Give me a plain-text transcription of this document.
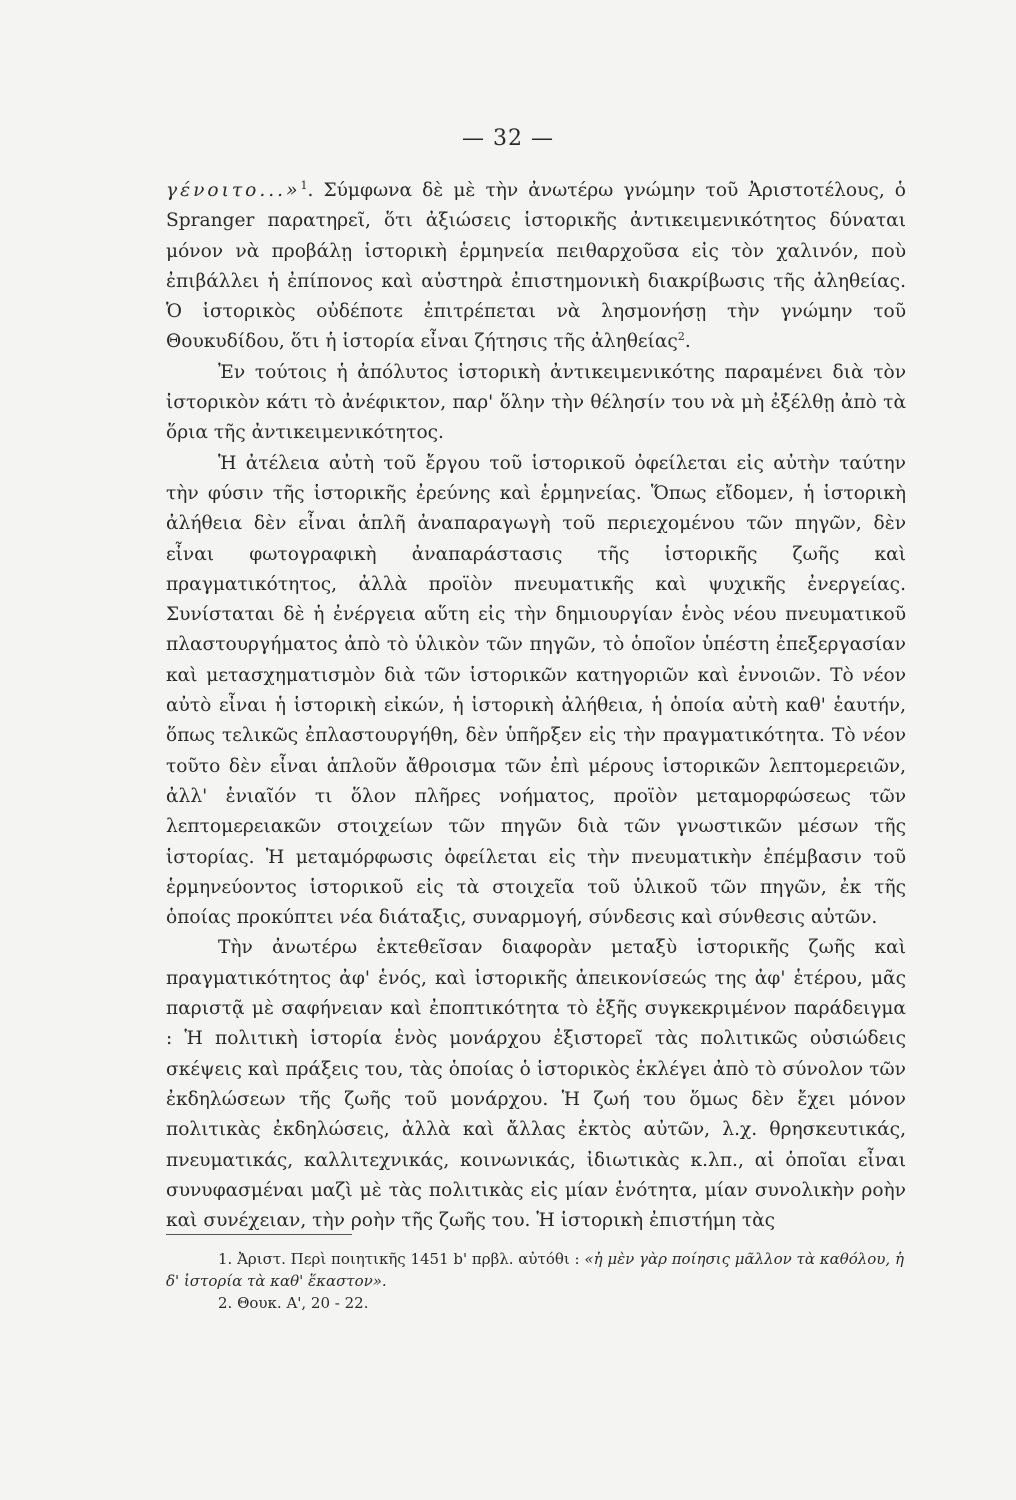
— 32 —

γένοιτο...»$^1$. Σύμφωνα δὲ μὲ τὴν ἀνωτέρω γνώμην τοῦ Ἀριστοτέλους, ὁ Spranger παρατηρεῖ, ὅτι ἀξιώσεις ἱστορικῆς ἀντικειμενικότητος δύναται μόνον νὰ προβάλῃ ἱστορικὴ ἑρμηνεία πειθαρχοῦσα εἰς τὸν χαλινόν, ποὺ ἐπιβάλλει ἡ ἐπίπονος καὶ αὐστηρὰ ἐπιστημονικὴ διακρίβωσις τῆς ἀληθείας. Ὁ ἱστορικὸς οὐδέποτε ἐπιτρέπεται νὰ λησμονήσῃ τὴν γνώμην τοῦ Θουκυδίδου, ὅτι ἡ ἱστορία εἶναι ζήτησις τῆς ἀληθείας$^2$.

Ἐν τούτοις ἡ ἀπόλυτος ἱστορικὴ ἀντικειμενικότης παραμένει διὰ τὸν ἱστορικὸν κάτι τὸ ἀνέφικτον, παρ' ὅλην τὴν θέλησίν του νὰ μὴ ἐξέλθῃ ἀπὸ τὰ ὅρια τῆς ἀντικειμενικότητος.

Ἡ ἀτέλεια αὐτὴ τοῦ ἔργου τοῦ ἱστορικοῦ ὀφείλεται εἰς αὐτὴν ταύτην τὴν φύσιν τῆς ἱστορικῆς ἐρεύνης καὶ ἑρμηνείας. Ὅπως εἴδομεν, ἡ ἱστορικὴ ἀλήθεια δὲν εἶναι ἁπλῆ ἀναπαραγωγὴ τοῦ περιεχομένου τῶν πηγῶν, δὲν εἶναι φωτογραφικὴ ἀναπαράστασις τῆς ἱστορικῆς ζωῆς καὶ πραγματικότητος, ἀλλὰ προϊὸν πνευματικῆς καὶ ψυχικῆς ἐνεργείας. Συνίσταται δὲ ἡ ἐνέργεια αὕτη εἰς τὴν δημιουργίαν ἑνὸς νέου πνευματικοῦ πλαστουργήματος ἀπὸ τὸ ὑλικὸν τῶν πηγῶν, τὸ ὁποῖον ὑπέστη ἐπεξεργασίαν καὶ μετασχηματισμὸν διὰ τῶν ἱστορικῶν κατηγοριῶν καὶ ἐννοιῶν. Τὸ νέον αὐτὸ εἶναι ἡ ἱστορικὴ εἰκών, ἡ ἱστορικὴ ἀλήθεια, ἡ ὁποία αὐτὴ καθ' ἑαυτήν, ὅπως τελικῶς ἐπλαστουργήθη, δὲν ὑπῆρξεν εἰς τὴν πραγματικότητα. Τὸ νέον τοῦτο δὲν εἶναι ἁπλοῦν ἄθροισμα τῶν ἐπὶ μέρους ἱστορικῶν λεπτομερειῶν, ἀλλ' ἑνιαῖόν τι ὅλον πλῆρες νοήματος, προϊὸν μεταμορφώσεως τῶν λεπτομερειακῶν στοιχείων τῶν πηγῶν διὰ τῶν γνωστικῶν μέσων τῆς ἱστορίας. Ἡ μεταμόρφωσις ὀφείλεται εἰς τὴν πνευματικὴν ἐπέμβασιν τοῦ ἑρμηνεύοντος ἱστορικοῦ εἰς τὰ στοιχεῖα τοῦ ὑλικοῦ τῶν πηγῶν, ἐκ τῆς ὁποίας προκύπτει νέα διάταξις, συναρμογή, σύνδεσις καὶ σύνθεσις αὐτῶν.

Τὴν ἀνωτέρω ἐκτεθεῖσαν διαφορὰν μεταξὺ ἱστορικῆς ζωῆς καὶ πραγματικότητος ἀφ' ἑνός, καὶ ἱστορικῆς ἀπεικονίσεώς της ἀφ' ἑτέρου, μᾶς παριστᾷ μὲ σαφήνειαν καὶ ἐποπτικότητα τὸ ἑξῆς συγκεκριμένον παράδειγμα : Ἡ πολιτικὴ ἱστορία ἑνὸς μονάρχου ἐξιστορεῖ τὰς πολιτικῶς οὐσιώδεις σκέψεις καὶ πράξεις του, τὰς ὁποίας ὁ ἱστορικὸς ἐκλέγει ἀπὸ τὸ σύνολον τῶν ἐκδηλώσεων τῆς ζωῆς τοῦ μονάρχου. Ἡ ζωή του ὅμως δὲν ἔχει μόνον πολιτικὰς ἐκδηλώσεις, ἀλλὰ καὶ ἄλλας ἐκτὸς αὐτῶν, λ.χ. θρησκευτικάς, πνευματικάς, καλλιτεχνικάς, κοινωνικάς, ἰδιωτικὰς κ.λπ., αἱ ὁποῖαι εἶναι συνυφασμέναι μαζὶ μὲ τὰς πολιτικὰς εἰς μίαν ἑνότητα, μίαν συνολικὴν ροὴν καὶ συνέχειαν, τὴν ροὴν τῆς ζωῆς του. Ἡ ἱστορικὴ ἐπιστήμη τὰς

1. Ἀριστ. Περὶ ποιητικῆς 1451 b' πρβλ. αὐτόθι : «ἡ μὲν γὰρ ποίησις μᾶλλον τὰ καθόλου, ἡ δ' ἱστορία τὰ καθ' ἕκαστον».

2. Θουκ. Α', 20 - 22.
